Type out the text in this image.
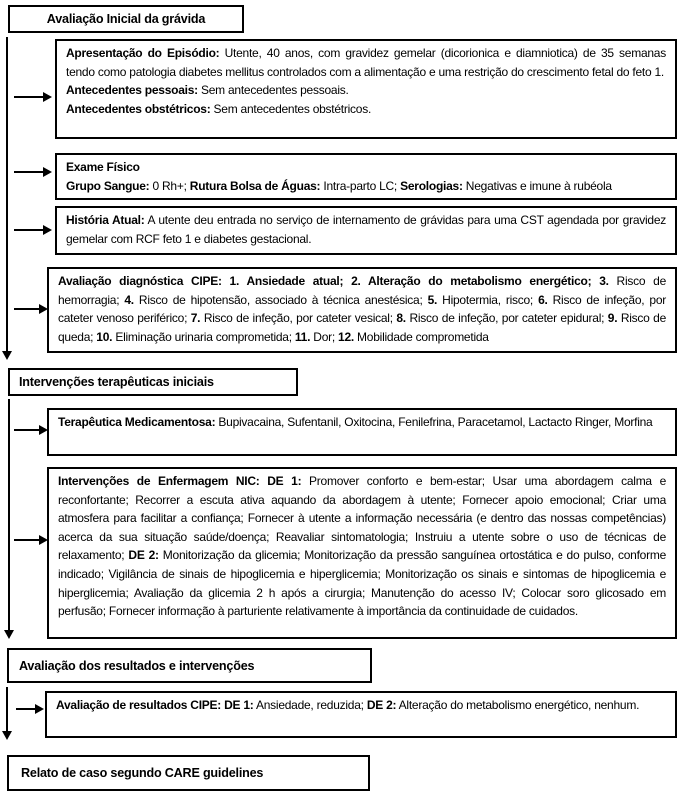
Avaliação Inicial da grávida
Apresentação do Episódio: Utente, 40 anos, com gravidez gemelar (dicorionica e diamniotica) de 35 semanas tendo como patologia diabetes mellitus controlados com a alimentação e uma restrição do crescimento fetal do feto 1.
Antecedentes pessoais: Sem antecedentes pessoais.
Antecedentes obstétricos: Sem antecedentes obstétricos.
Exame Físico
Grupo Sangue: 0 Rh+; Rutura Bolsa de Águas: Intra-parto LC; Serologias: Negativas e imune à rubéola
História Atual: A utente deu entrada no serviço de internamento de grávidas para uma CST agendada por gravidez gemelar com RCF feto 1 e diabetes gestacional.
Avaliação diagnóstica CIPE: 1. Ansiedade atual; 2. Alteração do metabolismo energético; 3. Risco de hemorragia; 4. Risco de hipotensão, associado à técnica anestésica; 5. Hipotermia, risco; 6. Risco de infeção, por cateter venoso periférico; 7. Risco de infeção, por cateter vesical; 8. Risco de infeção, por cateter epidural; 9. Risco de queda; 10. Eliminação urinaria comprometida; 11. Dor; 12. Mobilidade comprometida
Intervenções terapêuticas iniciais
Terapêutica Medicamentosa: Bupivacaina, Sufentanil, Oxitocina, Fenilefrina, Paracetamol, Lactacto Ringer, Morfina
Intervenções de Enfermagem NIC: DE 1: Promover conforto e bem-estar; Usar uma abordagem calma e reconfortante; Recorrer a escuta ativa aquando da abordagem à utente; Fornecer apoio emocional; Criar uma atmosfera para facilitar a confiança; Fornecer à utente a informação necessária (e dentro das nossas competências) acerca da sua situação saúde/doença; Reavaliar sintomatologia; Instruiu a utente sobre o uso de técnicas de relaxamento; DE 2: Monitorização da glicemia; Monitorização da pressão sanguínea ortostática e do pulso, conforme indicado; Vigilância de sinais de hipoglicemia e hiperglicemia; Monitorização os sinais e sintomas de hipoglicemia e hiperglicemia; Avaliação da glicemia 2 h após a cirurgia; Manutenção do acesso IV; Colocar soro glicosado em perfusão; Fornecer informação à parturiente relativamente à importância da continuidade de cuidados.
Avaliação dos resultados e intervenções
Avaliação de resultados CIPE: DE 1: Ansiedade, reduzida; DE 2: Alteração do metabolismo energético, nenhum.
Relato de caso segundo CARE guidelines
